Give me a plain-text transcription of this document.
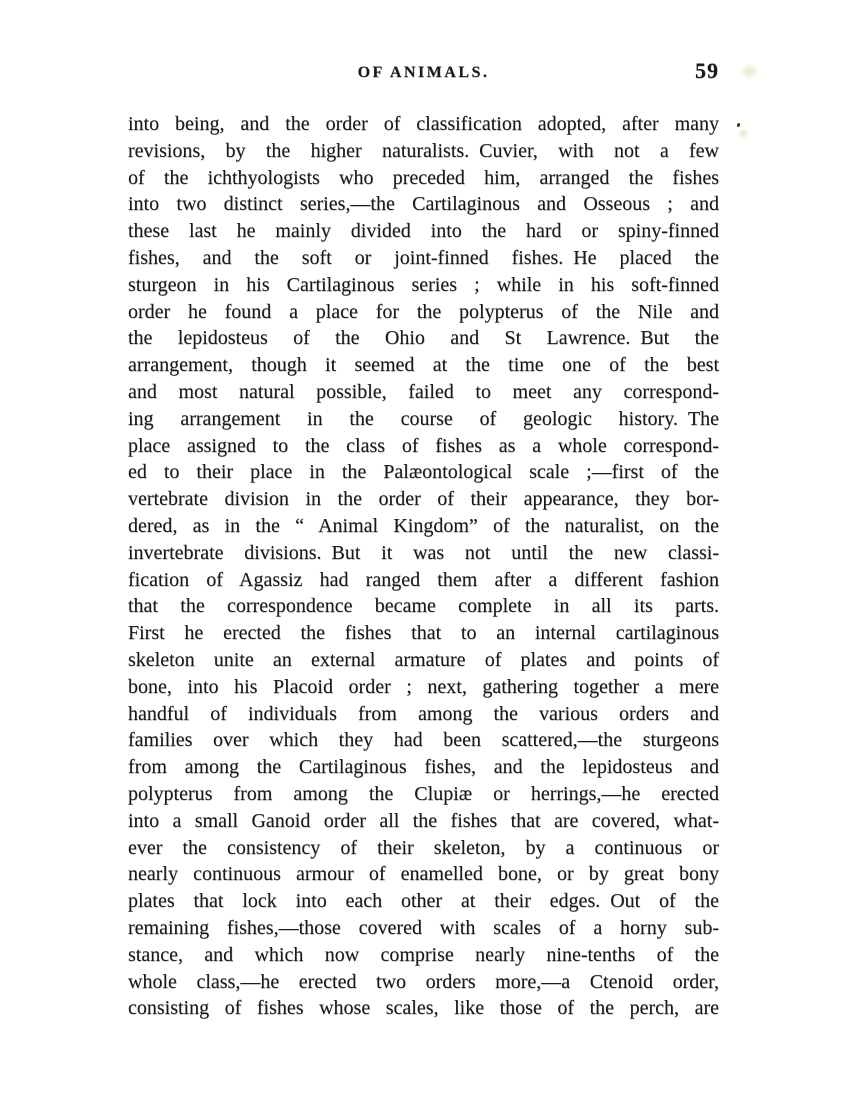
OF ANIMALS.	59
into being, and the order of classification adopted, after many
revisions, by the higher naturalists. Cuvier, with not a few
of the ichthyologists who preceded him, arranged the fishes
into two distinct series,—the Cartilaginous and Osseous ; and
these last he mainly divided into the hard or spiny-finned
fishes, and the soft or joint-finned fishes. He placed the
sturgeon in his Cartilaginous series ; while in his soft-finned
order he found a place for the polypterus of the Nile and
the lepidosteus of the Ohio and St Lawrence. But the
arrangement, though it seemed at the time one of the best
and most natural possible, failed to meet any correspond-
ing arrangement in the course of geologic history. The
place assigned to the class of fishes as a whole correspond-
ed to their place in the Palæontological scale ;—first of the
vertebrate division in the order of their appearance, they bor-
dered, as in the “ Animal Kingdom” of the naturalist, on the
invertebrate divisions. But it was not until the new classi-
fication of Agassiz had ranged them after a different fashion
that the correspondence became complete in all its parts.
First he erected the fishes that to an internal cartilaginous
skeleton unite an external armature of plates and points of
bone, into his Placoid order ; next, gathering together a mere
handful of individuals from among the various orders and
families over which they had been scattered,—the sturgeons
from among the Cartilaginous fishes, and the lepidosteus and
polypterus from among the Clupiæ or herrings,—he erected
into a small Ganoid order all the fishes that are covered, what-
ever the consistency of their skeleton, by a continuous or
nearly continuous armour of enamelled bone, or by great bony
plates that lock into each other at their edges. Out of the
remaining fishes,—those covered with scales of a horny sub-
stance, and which now comprise nearly nine-tenths of the
whole class,—he erected two orders more,—a Ctenoid order,
consisting of fishes whose scales, like those of the perch, are
